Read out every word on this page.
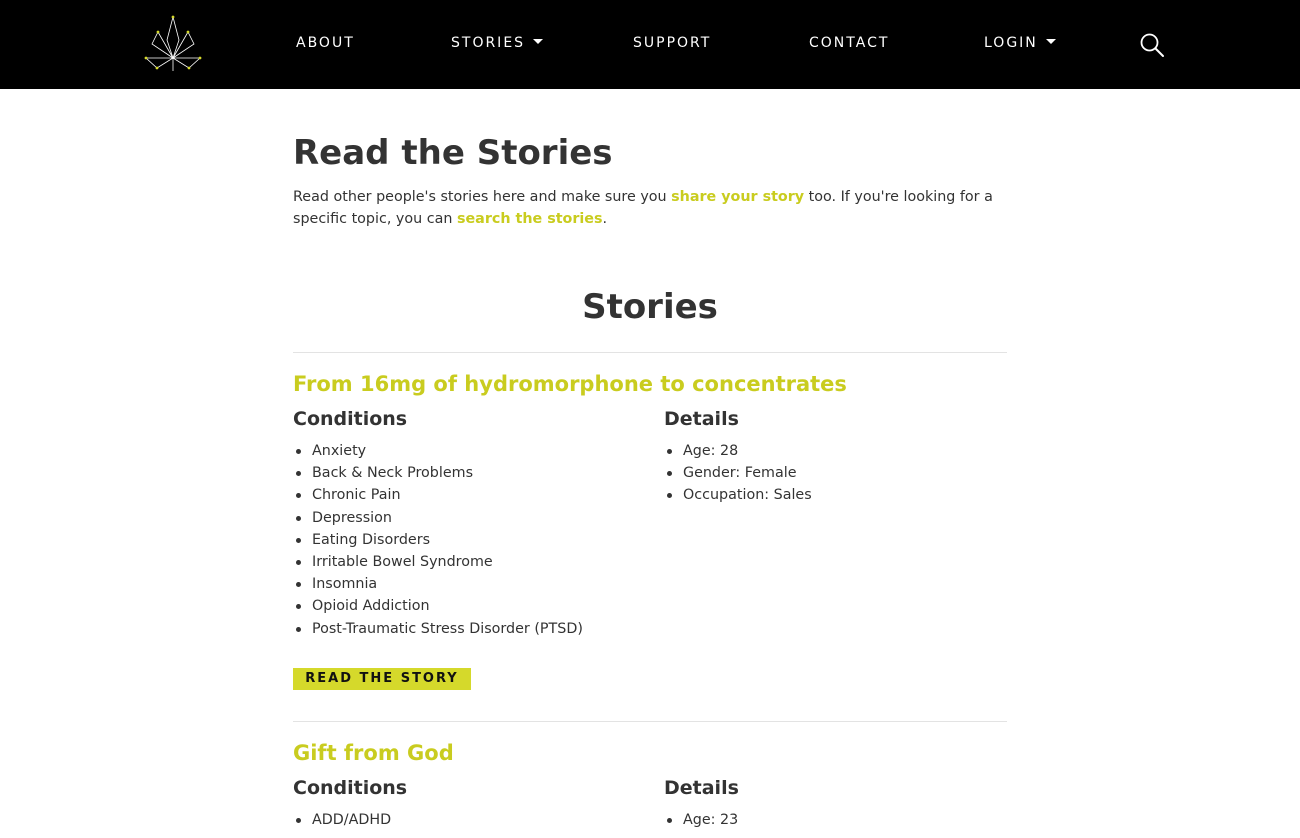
ABOUT	STORIES	SUPPORT	CONTACT	LOGIN
Read the Stories

Read other people's stories here and make sure you share your story too. If you're looking for a specific topic, you can search the stories.

Stories
From 16mg of hydromorphone to concentrates
Conditions
Anxiety
Back & Neck Problems
Chronic Pain
Depression
Eating Disorders
Irritable Bowel Syndrome
Insomnia
Opioid Addiction
Post-Traumatic Stress Disorder (PTSD)
Details
Age: 28
Gender: Female
Occupation: Sales
READ THE STORY
Gift from God
Conditions
ADD/ADHD
Details
Age: 23
